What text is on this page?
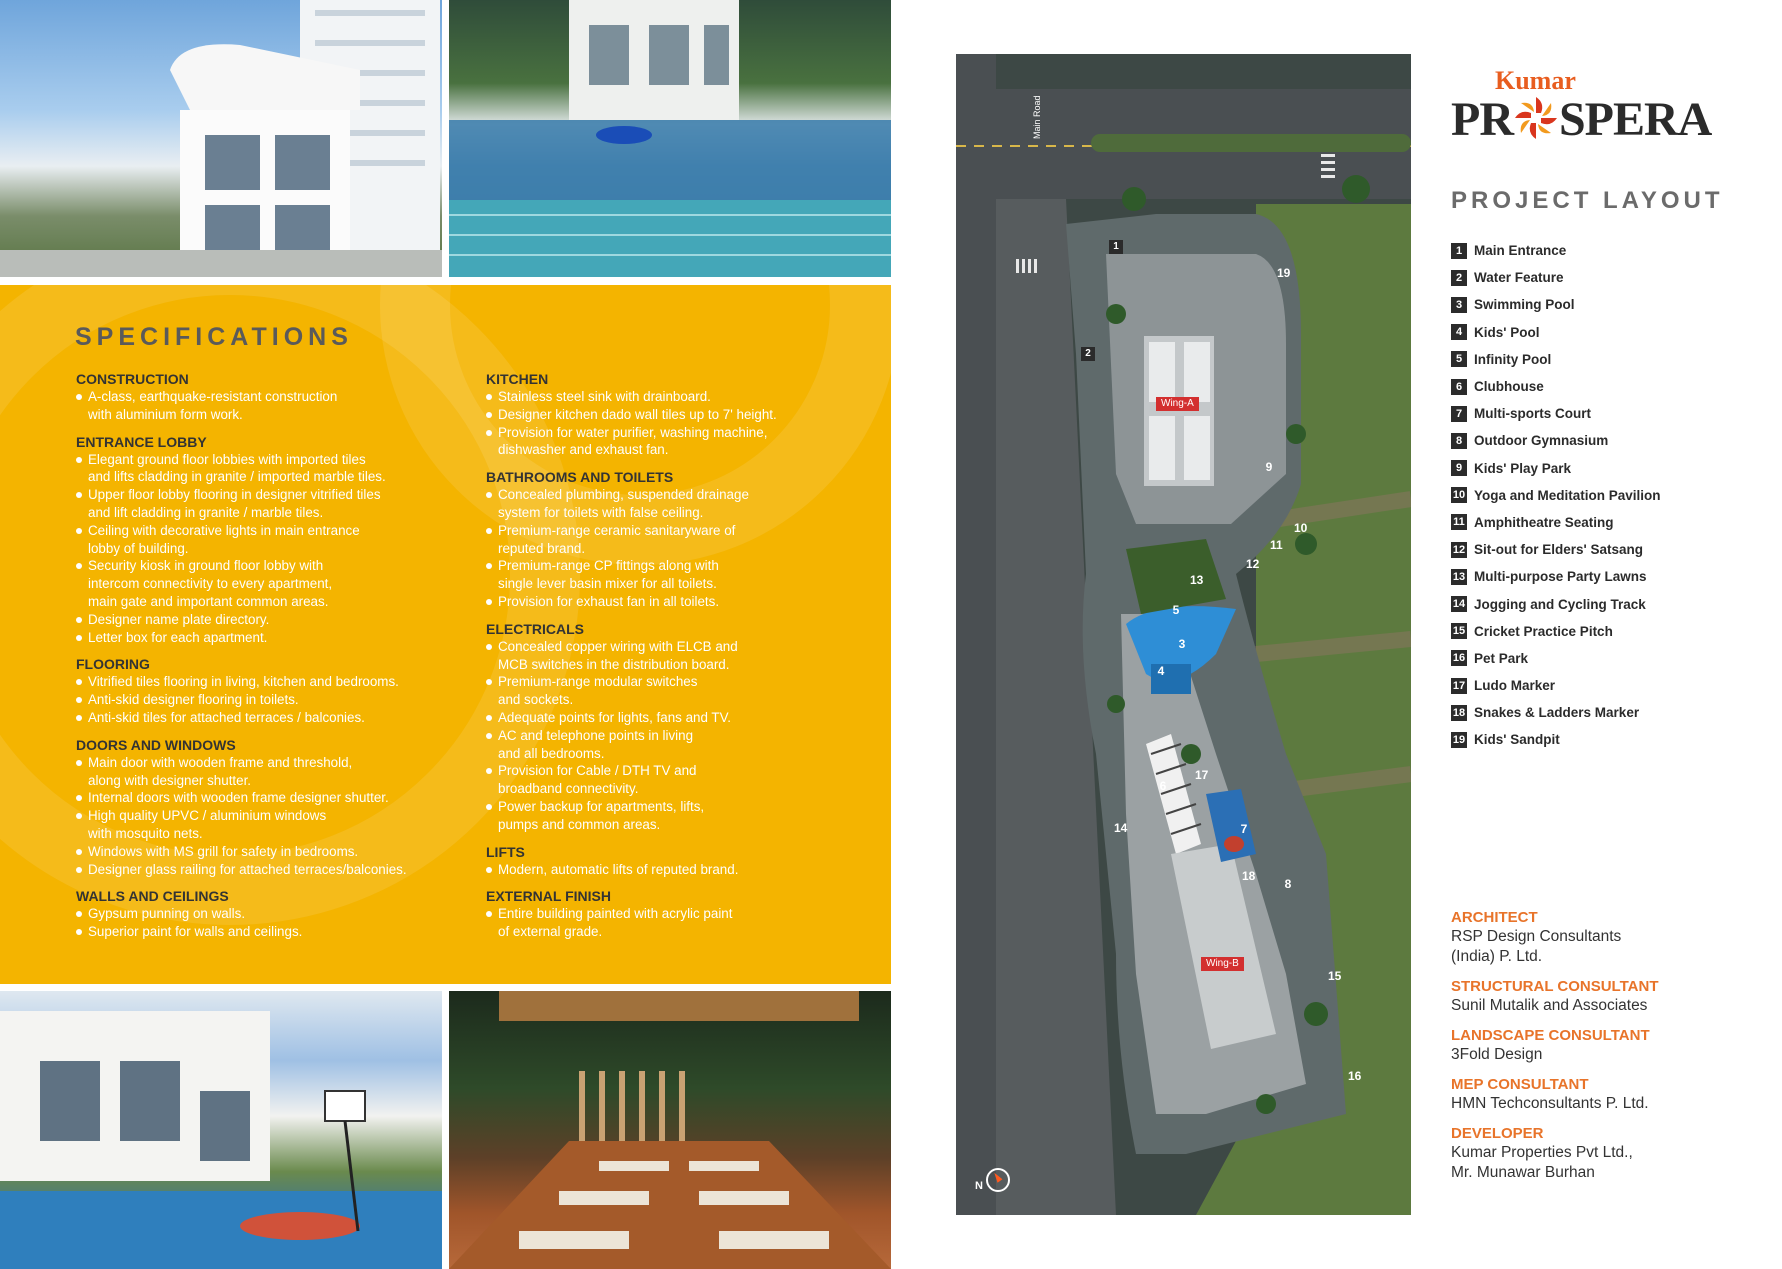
SPECIFICATIONS
CONSTRUCTION
A-class, earthquake-resistant construction
with aluminium form work.
ENTRANCE LOBBY
Elegant ground floor lobbies with imported tiles
and lifts cladding in granite / imported marble tiles.
Upper floor lobby flooring in designer vitrified tiles
and lift cladding in granite / marble tiles.
Ceiling with decorative lights in main entrance
lobby of building.
Security kiosk in ground floor lobby with
intercom connectivity to every apartment,
main gate and important common areas.
Designer name plate directory.
Letter box for each apartment.
FLOORING
Vitrified tiles flooring in living, kitchen and bedrooms.
Anti-skid designer flooring in toilets.
Anti-skid tiles for attached terraces / balconies.
DOORS AND WINDOWS
Main door with wooden frame and threshold,
along with designer shutter.
Internal doors with wooden frame designer shutter.
High quality UPVC / aluminium windows
with mosquito nets.
Windows with MS grill for safety in bedrooms.
Designer glass railing for attached terraces/balconies.
WALLS AND CEILINGS
Gypsum punning on walls.
Superior paint for walls and ceilings.
KITCHEN
Stainless steel sink with drainboard.
Designer kitchen dado wall tiles up to 7' height.
Provision for water purifier, washing machine,
dishwasher and exhaust fan.
BATHROOMS AND TOILETS
Concealed plumbing, suspended drainage
system for toilets with false ceiling.
Premium-range ceramic sanitaryware of
reputed brand.
Premium-range CP fittings along with
single lever basin mixer for all toilets.
Provision for exhaust fan in all toilets.
ELECTRICALS
Concealed copper wiring with ELCB and
MCB switches in the distribution board.
Premium-range modular switches
and sockets.
Adequate points for lights, fans and TV.
AC and telephone points in living
and all bedrooms.
Provision for Cable / DTH TV and
broadband connectivity.
Power backup for apartments, lifts,
pumps and common areas.
LIFTS
Modern, automatic lifts of reputed brand.
EXTERNAL FINISH
Entire building painted with acrylic paint
of external grade.
Main Road
Wing-A
Wing-B
1
2
3
4
5
6
7
8
9
10
11
12
13
14
15
16
17
18
19
N
Kumar
PR SPERA
PROJECT LAYOUT
1 Main Entrance
2 Water Feature
3 Swimming Pool
4 Kids' Pool
5 Infinity Pool
6 Clubhouse
7 Multi-sports Court
8 Outdoor Gymnasium
9 Kids' Play Park
10 Yoga and Meditation Pavilion
11 Amphitheatre Seating
12 Sit-out for Elders' Satsang
13 Multi-purpose Party Lawns
14 Jogging and Cycling Track
15 Cricket Practice Pitch
16 Pet Park
17 Ludo Marker
18 Snakes & Ladders Marker
19 Kids' Sandpit
ARCHITECT
RSP Design Consultants
(India) P. Ltd.
STRUCTURAL CONSULTANT
Sunil Mutalik and Associates
LANDSCAPE CONSULTANT
3Fold Design
MEP CONSULTANT
HMN Techconsultants P. Ltd.
DEVELOPER
Kumar Properties Pvt Ltd.,
Mr. Munawar Burhan
